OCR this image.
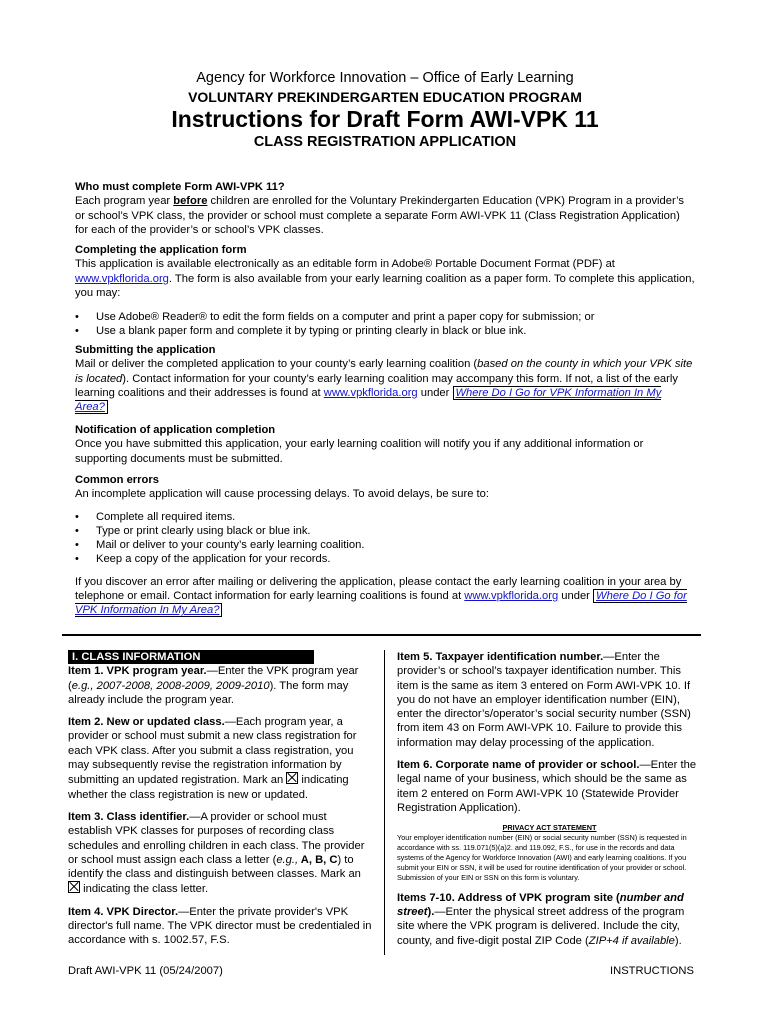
Agency for Workforce Innovation – Office of Early Learning
VOLUNTARY PREKINDERGARTEN EDUCATION PROGRAM
Instructions for Draft Form AWI-VPK 11
CLASS REGISTRATION APPLICATION

Who must complete Form AWI-VPK 11?

Each program year before children are enrolled for the Voluntary Prekindergarten Education (VPK) Program in a provider’s or school’s VPK class, the provider or school must complete a separate Form AWI-VPK 11 (Class Registration Application) for each of the provider’s or school’s VPK classes.

Completing the application form

This application is available electronically as an editable form in Adobe® Portable Document Format (PDF) at www.vpkflorida.org. The form is also available from your early learning coalition as a paper form. To complete this application, you may:

• Use Adobe® Reader® to edit the form fields on a computer and print a paper copy for submission; or
• Use a blank paper form and complete it by typing or printing clearly in black or blue ink.

Submitting the application

Mail or deliver the completed application to your county’s early learning coalition (based on the county in which your VPK site is located). Contact information for your county’s early learning coalition may accompany this form. If not, a list of the early learning coalitions and their addresses is found at www.vpkflorida.org under Where Do I Go for VPK Information In My Area?

Notification of application completion

Once you have submitted this application, your early learning coalition will notify you if any additional information or supporting documents must be submitted.

Common errors

An incomplete application will cause processing delays. To avoid delays, be sure to:

• Complete all required items.
• Type or print clearly using black or blue ink.
• Mail or deliver to your county’s early learning coalition.
• Keep a copy of the application for your records.

If you discover an error after mailing or delivering the application, please contact the early learning coalition in your area by telephone or email. Contact information for early learning coalitions is found at www.vpkflorida.org under Where Do I Go for VPK Information In My Area?

I. CLASS INFORMATION

Item 1. VPK program year.—Enter the VPK program year (e.g., 2007-2008, 2008-2009, 2009-2010). The form may already include the program year.

Item 2. New or updated class.—Each program year, a provider or school must submit a new class registration for each VPK class. After you submit a class registration, you may subsequently revise the registration information by submitting an updated registration. Mark an  indicating whether the class registration is new or updated.

Item 3. Class identifier.—A provider or school must establish VPK classes for purposes of recording class schedules and enrolling children in each class. The provider or school must assign each class a letter (e.g., A, B, C) to identify the class and distinguish between classes. Mark an  indicating the class letter.

Item 4. VPK Director.—Enter the private provider's VPK director's full name. The VPK director must be credentialed in accordance with s. 1002.57, F.S.

Item 5. Taxpayer identification number.—Enter the provider’s or school’s taxpayer identification number. This item is the same as item 3 entered on Form AWI-VPK 10. If you do not have an employer identification number (EIN), enter the director’s/operator’s social security number (SSN) from item 43 on Form AWI-VPK 10. Failure to provide this information may delay processing of the application.

Item 6. Corporate name of provider or school.—Enter the legal name of your business, which should be the same as item 2 entered on Form AWI-VPK 10 (Statewide Provider Registration Application).

PRIVACY ACT STATEMENT
Your employer identification number (EIN) or social security number (SSN) is requested in accordance with ss. 119.071(5)(a)2. and 119.092, F.S., for use in the records and data systems of the Agency for Workforce Innovation (AWI) and early learning coalitions. If you submit your EIN or SSN, it will be used for routine identification of your provider or school. Submission of your EIN or SSN on this form is voluntary.

Items 7-10. Address of VPK program site (number and street).—Enter the physical street address of the program site where the VPK program is delivered. Include the city, county, and five-digit postal ZIP Code (ZIP+4 if available).

Draft AWI-VPK 11 (05/24/2007)	INSTRUCTIONS
